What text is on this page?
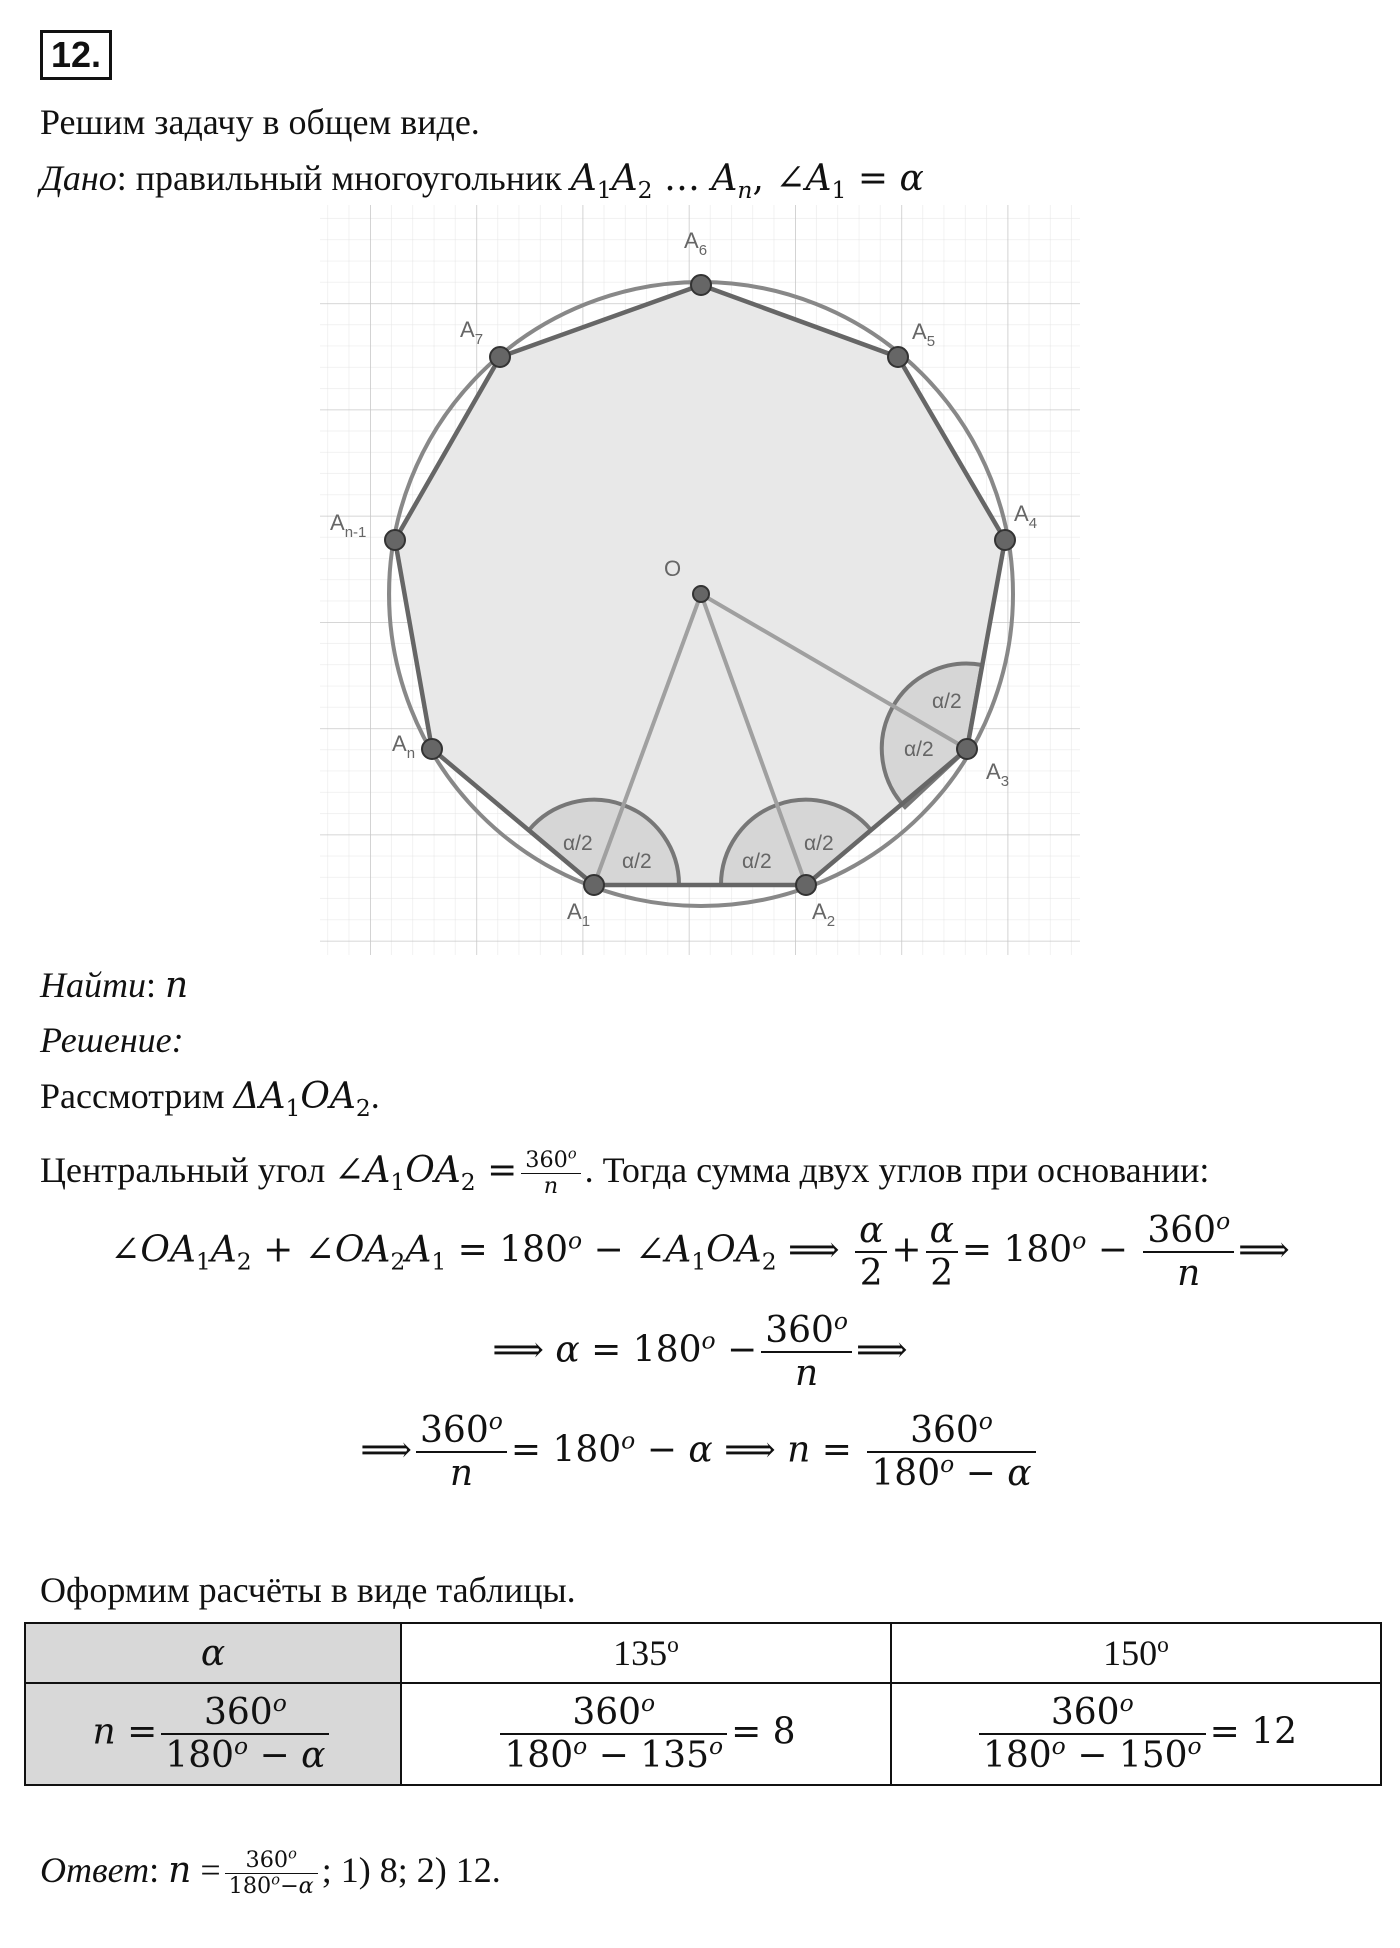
12.
Решим задачу в общем виде.
Дано: правильный многоугольник $A_1A_2$ … $A_n$, $\angle A_1 = \alpha$
$A_1$	$A_2$
$A_3$
$A_4$
$A_5$
$A_6$
$A_7$
$A_{n-1}$
$A_n$
O
α/2
α/2	α/2
α/2
α/2
α/2
Найти: n
Решение:
Рассмотрим $\Delta A_1OA_2$.
Центральный угол $\angle A_1OA_2 = \frac{360^o}{n}$ . Тогда сумма двух углов при основании:
$\angle OA_1A_2$ + $\angle OA_2A_1 = 180^o$ − $\angle A_1OA_2$ ⟹ $\frac{\alpha}{2} + \frac{\alpha}{2} = 180^o - \frac{360^o}{n}$ ⟹
⟹ $\alpha = 180^o - \frac{360^o}{n}$ ⟹
⟹ $\frac{360^o}{n} = 180^o - \alpha$ ⟹ $n = \frac{360^o}{180^o - \alpha}$
Оформим расчёты в виде таблицы.
α	135$^o$	150$^o$
$n = \frac{360^o}{180^o - \alpha}$	$\frac{360^o}{180^o - 135^o} = 8$	$\frac{360^o}{180^o - 150^o} = 12$
Ответ: $n = \frac{360^o}{180^o-\alpha}$ ; 1) 8; 2) 12.
